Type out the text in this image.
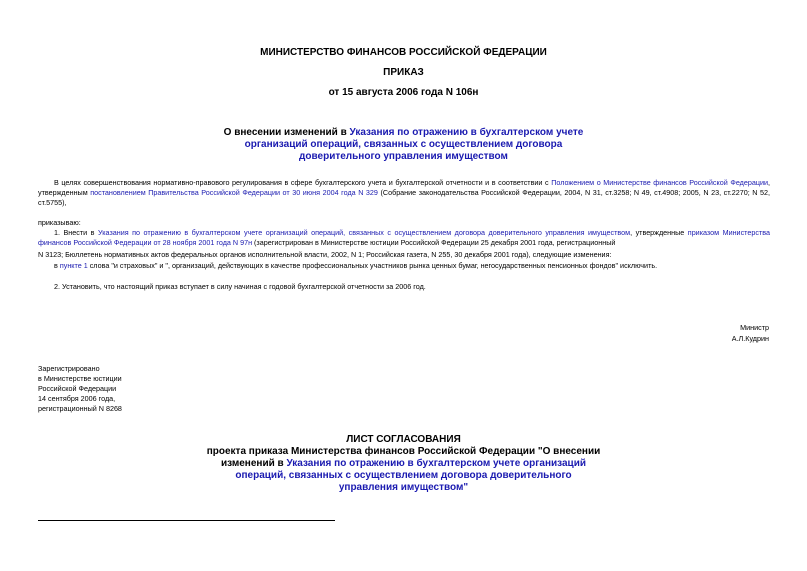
МИНИСТЕРСТВО ФИНАНСОВ РОССИЙСКОЙ ФЕДЕРАЦИИ
ПРИКАЗ
от 15 августа 2006 года N 106н
О внесении изменений в Указания по отражению в бухгалтерском учете
организаций операций, связанных с осуществлением договора
доверительного управления имуществом
В целях совершенствования нормативно-правового регулирования в сфере бухгалтерского учета и бухгалтерской отчетности и в соответствии с Положением о Министерстве финансов Российской Федерации, утвержденным постановлением Правительства Российской Федерации от 30 июня 2004 года N 329 (Собрание законодательства Российской Федерации, 2004, N 31, ст.3258; N 49, ст.4908; 2005, N 23, ст.2270; N 52, ст.5755),
приказываю:
1. Внести в Указания по отражению в бухгалтерском учете организаций операций, связанных с осуществлением договора доверительного управления имуществом, утвержденные приказом Министерства финансов Российской Федерации от 28 ноября 2001 года N 97н (зарегистрирован в Министерстве юстиции Российской Федерации 25 декабря 2001 года, регистрационный
N 3123; Бюллетень нормативных актов федеральных органов исполнительной власти, 2002, N 1; Российская газета, N 255, 30 декабря 2001 года), следующие изменения:
в пункте 1 слова "и страховых" и ", организаций, действующих в качестве профессиональных участников рынка ценных бумаг, негосударственных пенсионных фондов" исключить.
2. Установить, что настоящий приказ вступает в силу начиная с годовой бухгалтерской отчетности за 2006 год.
Министр
А.Л.Кудрин
Зарегистрировано
в Министерстве юстиции
Российской Федерации
14 сентября 2006 года,
регистрационный N 8268
ЛИСТ СОГЛАСОВАНИЯ
проекта приказа Министерства финансов Российской Федерации "О внесении
изменений в Указания по отражению в бухгалтерском учете организаций
операций, связанных с осуществлением договора доверительного
управления имуществом"
